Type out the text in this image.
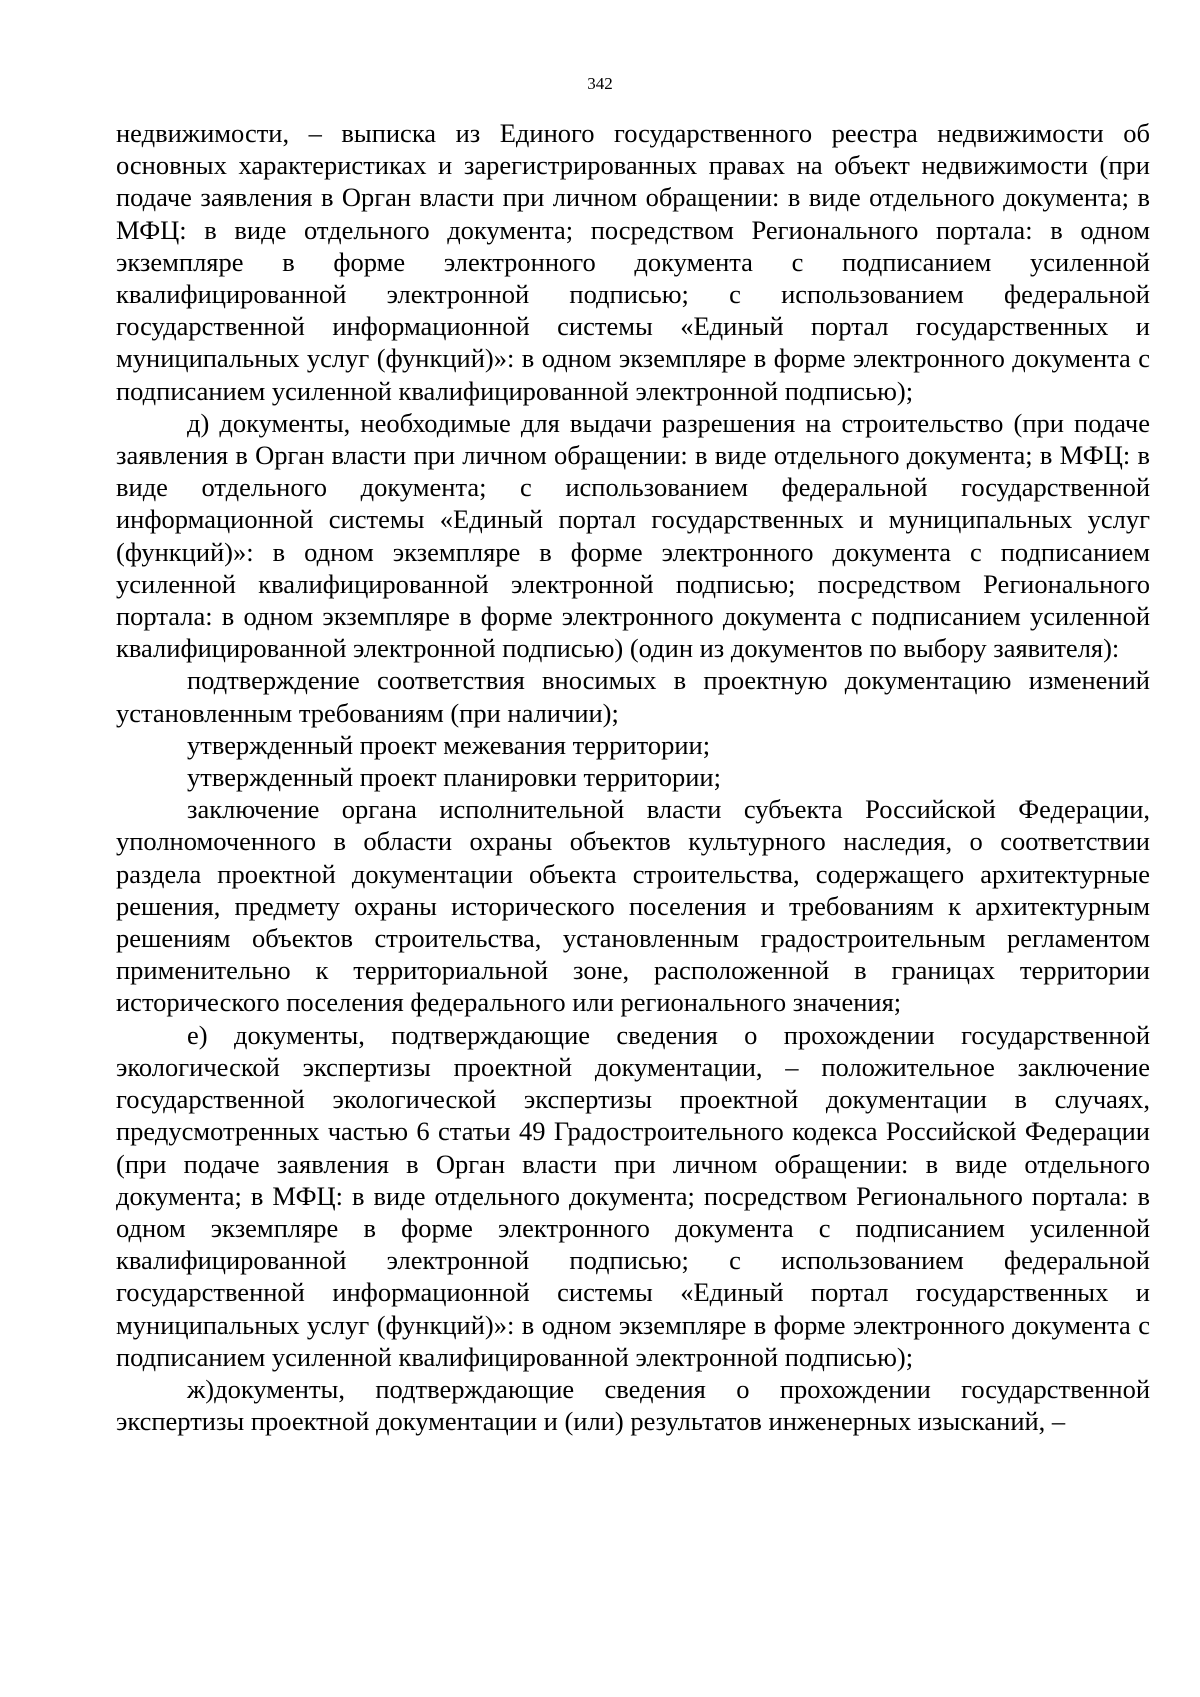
342

недвижимости, – выписка из Единого государственного реестра недвижимости об основных характеристиках и зарегистрированных правах на объект недвижимости (при подаче заявления в Орган власти при личном обращении: в виде отдельного документа; в МФЦ: в виде отдельного документа; посредством Регионального портала: в одном экземпляре в форме электронного документа с подписанием усиленной квалифицированной электронной подписью; с использованием федеральной государственной информационной системы «Единый портал государственных и муниципальных услуг (функций)»: в одном экземпляре в форме электронного документа с подписанием усиленной квалифицированной электронной подписью);

д) документы, необходимые для выдачи разрешения на строительство (при подаче заявления в Орган власти при личном обращении: в виде отдельного документа; в МФЦ: в виде отдельного документа; с использованием федеральной государственной информационной системы «Единый портал государственных и муниципальных услуг (функций)»: в одном экземпляре в форме электронного документа с подписанием усиленной квалифицированной электронной подписью; посредством Регионального портала: в одном экземпляре в форме электронного документа с подписанием усиленной квалифицированной электронной подписью) (один из документов по выбору заявителя):

подтверждение соответствия вносимых в проектную документацию изменений установленным требованиям (при наличии);

утвержденный проект межевания территории;

утвержденный проект планировки территории;

заключение органа исполнительной власти субъекта Российской Федерации, уполномоченного в области охраны объектов культурного наследия, о соответствии раздела проектной документации объекта строительства, содержащего архитектурные решения, предмету охраны исторического поселения и требованиям к архитектурным решениям объектов строительства, установленным градостроительным регламентом применительно к территориальной зоне, расположенной в границах территории исторического поселения федерального или регионального значения;

е) документы, подтверждающие сведения о прохождении государственной экологической экспертизы проектной документации, – положительное заключение государственной экологической экспертизы проектной документации в случаях, предусмотренных частью 6 статьи 49 Градостроительного кодекса Российской Федерации (при подаче заявления в Орган власти при личном обращении: в виде отдельного документа; в МФЦ: в виде отдельного документа; посредством Регионального портала: в одном экземпляре в форме электронного документа с подписанием усиленной квалифицированной электронной подписью; с использованием федеральной государственной информационной системы «Единый портал государственных и муниципальных услуг (функций)»: в одном экземпляре в форме электронного документа с подписанием усиленной квалифицированной электронной подписью);

ж)документы, подтверждающие сведения о прохождении государственной экспертизы проектной документации и (или) результатов инженерных изысканий, –
